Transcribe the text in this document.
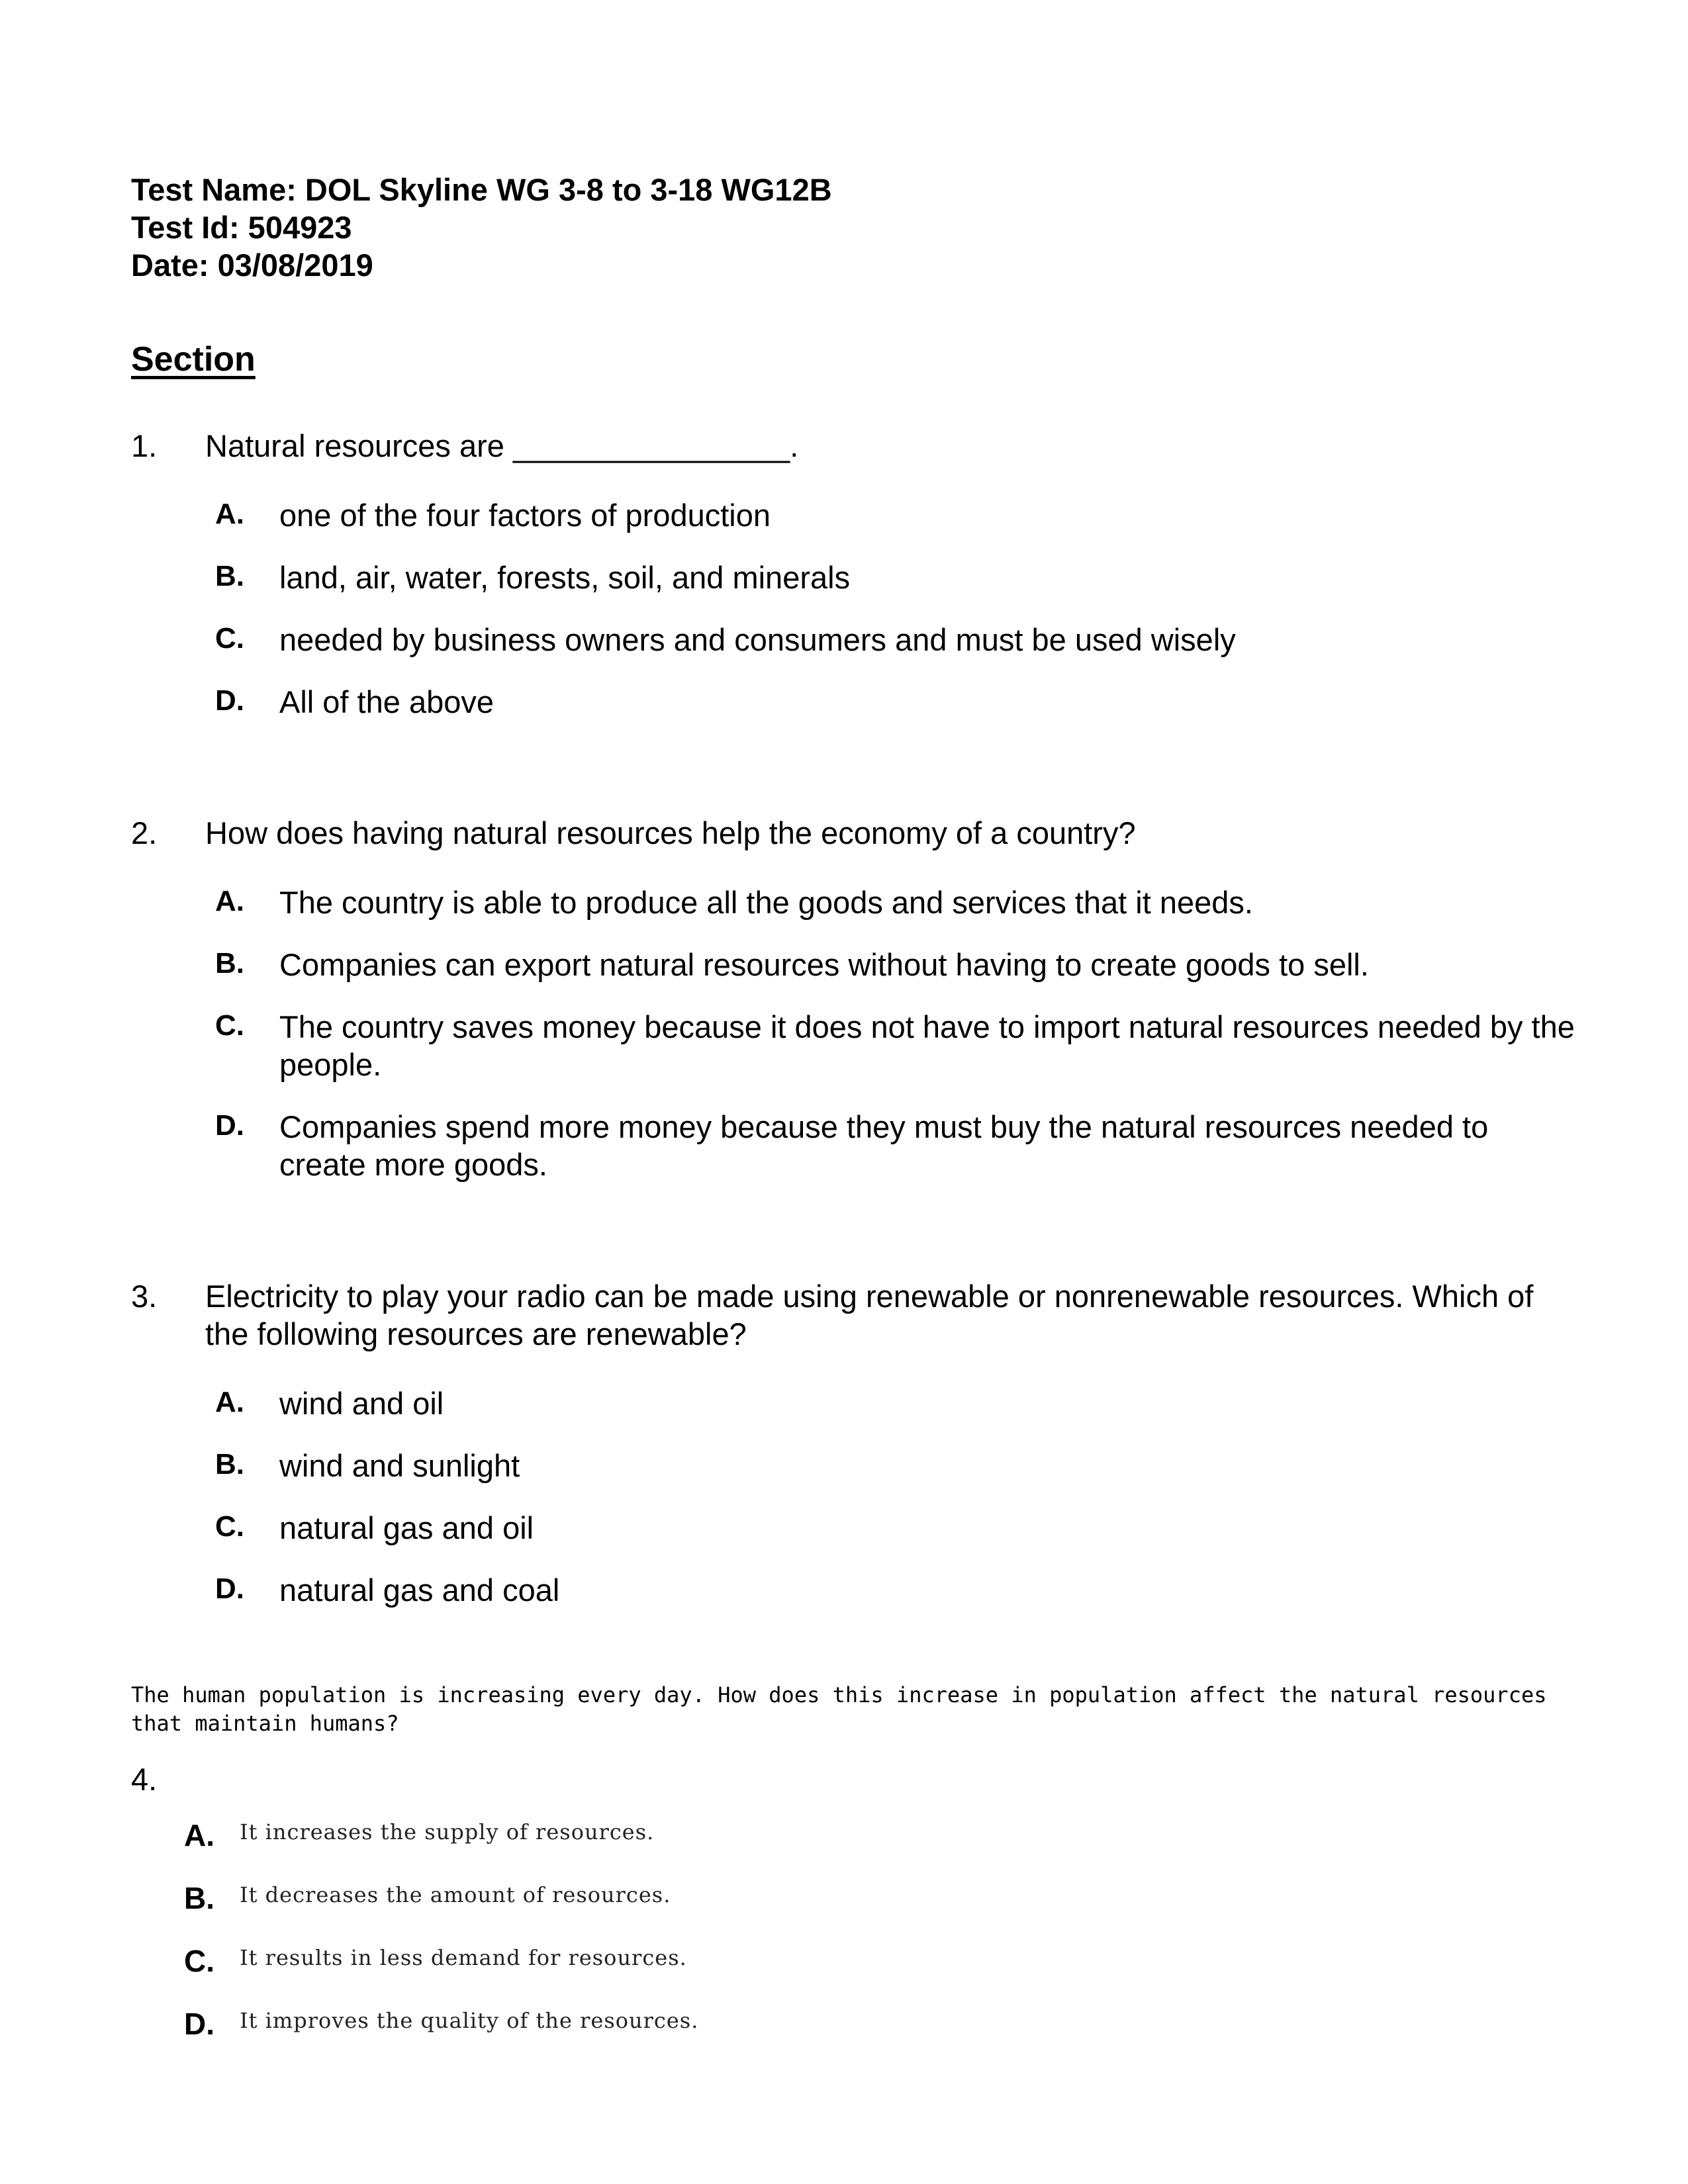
Test Name: DOL Skyline WG 3-8 to 3-18 WG12B
Test Id: 504923
Date: 03/08/2019
Section
1. Natural resources are ________________.
A. one of the four factors of production
B. land, air, water, forests, soil, and minerals
C. needed by business owners and consumers and must be used wisely
D. All of the above
2. How does having natural resources help the economy of a country?
A. The country is able to produce all the goods and services that it needs.
B. Companies can export natural resources without having to create goods to sell.
C. The country saves money because it does not have to import natural resources needed by the people.
D. Companies spend more money because they must buy the natural resources needed to create more goods.
3. Electricity to play your radio can be made using renewable or nonrenewable resources. Which of the following resources are renewable?
A. wind and oil
B. wind and sunlight
C. natural gas and oil
D. natural gas and coal
The human population is increasing every day. How does this increase in population affect the natural resources that maintain humans?
4.
A. It increases the supply of resources.
B. It decreases the amount of resources.
C. It results in less demand for resources.
D. It improves the quality of the resources.
